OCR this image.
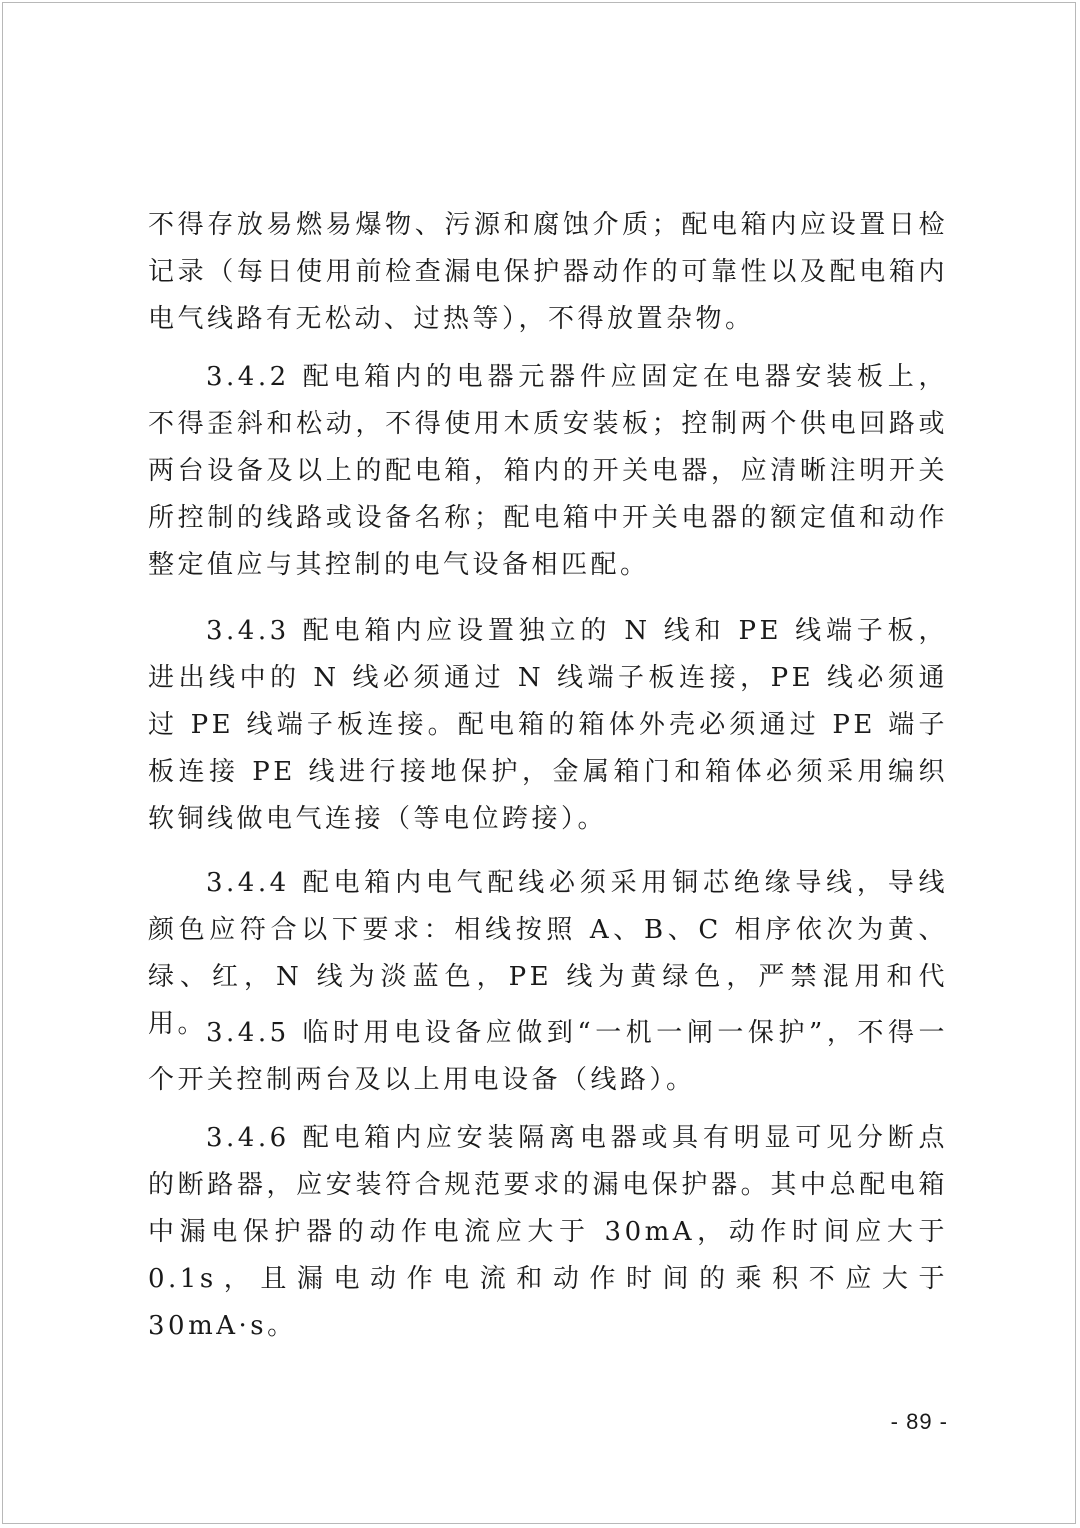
不得存放易燃易爆物、污源和腐蚀介质；配电箱内应设置日检记录（每日使用前检查漏电保护器动作的可靠性以及配电箱内电气线路有无松动、过热等），不得放置杂物。

3.4.2 配电箱内的电器元器件应固定在电器安装板上，不得歪斜和松动，不得使用木质安装板；控制两个供电回路或两台设备及以上的配电箱，箱内的开关电器，应清晰注明开关所控制的线路或设备名称；配电箱中开关电器的额定值和动作整定值应与其控制的电气设备相匹配。

3.4.3 配电箱内应设置独立的 N 线和 PE 线端子板，进出线中的 N 线必须通过 N 线端子板连接，PE 线必须通过 PE 线端子板连接。配电箱的箱体外壳必须通过 PE 端子板连接 PE 线进行接地保护，金属箱门和箱体必须采用编织软铜线做电气连接（等电位跨接）。

3.4.4 配电箱内电气配线必须采用铜芯绝缘导线，导线颜色应符合以下要求：相线按照 A、B、C 相序依次为黄、绿、红，N 线为淡蓝色，PE 线为黄绿色，严禁混用和代用。

3.4.5 临时用电设备应做到“一机一闸一保护”，不得一个开关控制两台及以上用电设备（线路）。

3.4.6 配电箱内应安装隔离电器或具有明显可见分断点的断路器，应安装符合规范要求的漏电保护器。其中总配电箱中漏电保护器的动作电流应大于 30mA，动作时间应大于 0.1s，且漏电动作电流和动作时间的乘积不应大于 30mA·s。

- 89 -
